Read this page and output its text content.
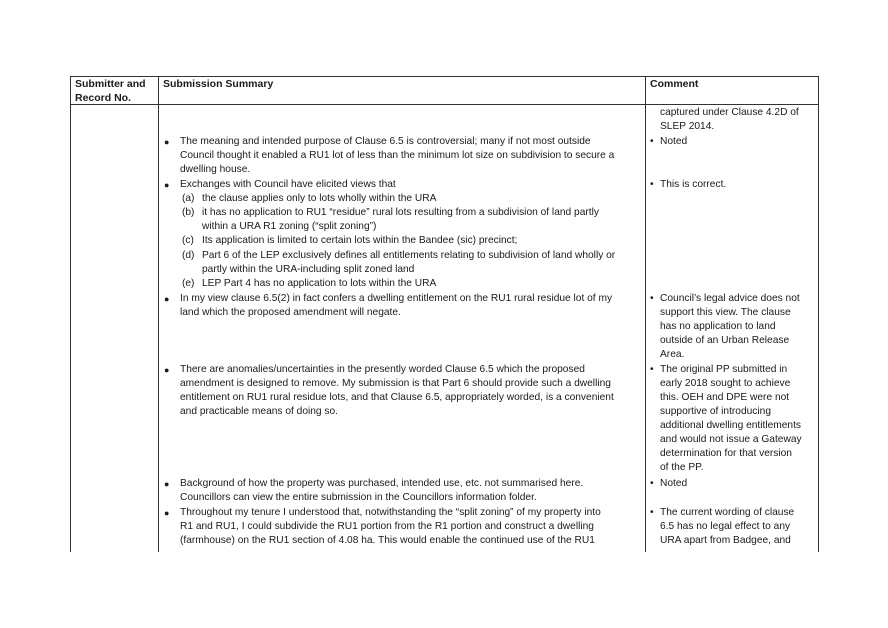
Submitter and
Record No.
Submission Summary	Comment
captured under Clause 4.2D of
SLEP 2014.
● The meaning and intended purpose of Clause 6.5 is controversial; many if not most outside
Council thought it enabled a RU1 lot of less than the minimum lot size on subdivision to secure a
dwelling house.
• Noted
● Exchanges with Council have elicited views that	• This is correct.
(a) the clause applies only to lots wholly within the URA
(b) it has no application to RU1 “residue” rural lots resulting from a subdivision of land partly
within a URA R1 zoning (“split zoning”)
(c) Its application is limited to certain lots within the Bandee (sic) precinct;
(d) Part 6 of the LEP exclusively defines all entitlements relating to subdivision of land wholly or
partly within the URA-including split zoned land
(e) LEP Part 4 has no application to lots within the URA
● In my view clause 6.5(2) in fact confers a dwelling entitlement on the RU1 rural residue lot of my
land which the proposed amendment will negate.
• Council’s legal advice does not
support this view. The clause
has no application to land
outside of an Urban Release
Area.
● There are anomalies/uncertainties in the presently worded Clause 6.5 which the proposed
amendment is designed to remove. My submission is that Part 6 should provide such a dwelling
entitlement on RU1 rural residue lots, and that Clause 6.5, appropriately worded, is a convenient
and practicable means of doing so.
• The original PP submitted in
early 2018 sought to achieve
this. OEH and DPE were not
supportive of introducing
additional dwelling entitlements
and would not issue a Gateway
determination for that version
of the PP.
● Background of how the property was purchased, intended use, etc. not summarised here.
Councillors can view the entire submission in the Councillors information folder.
• Noted
● Throughout my tenure I understood that, notwithstanding the “split zoning” of my property into
R1 and RU1, I could subdivide the RU1 portion from the R1 portion and construct a dwelling
(farmhouse) on the RU1 section of 4.08 ha. This would enable the continued use of the RU1
• The current wording of clause
6.5 has no legal effect to any
URA apart from Badgee, and
